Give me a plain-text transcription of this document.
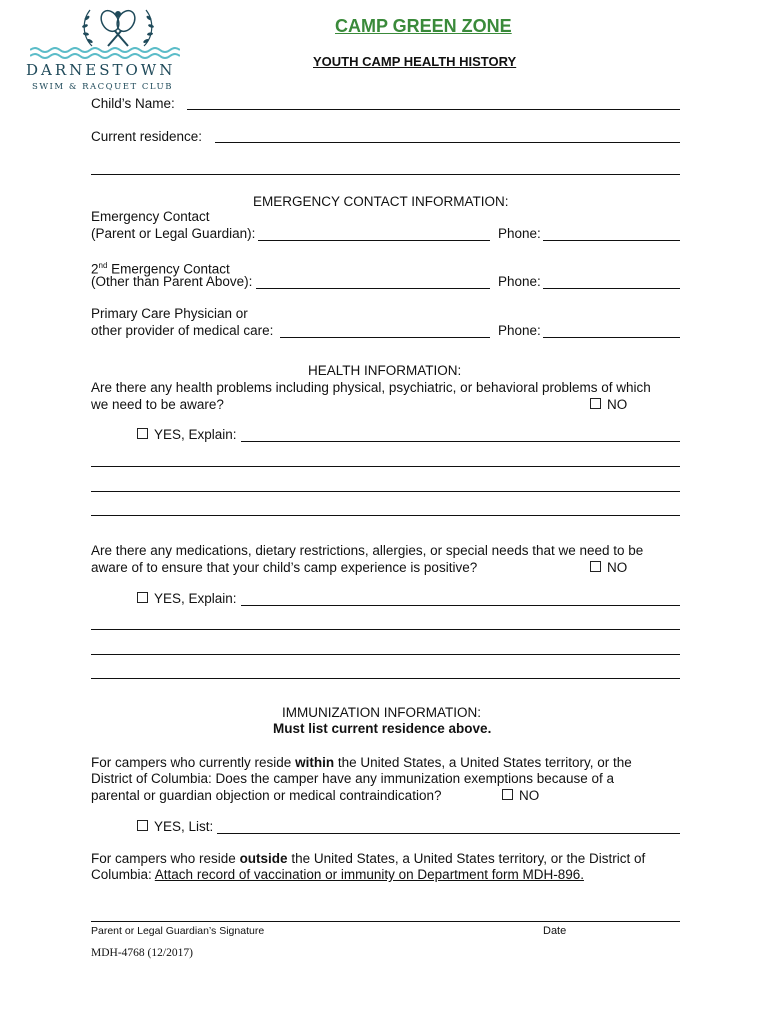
DARNESTOWN
SWIM & RACQUET CLUB
CAMP GREEN ZONE
YOUTH CAMP HEALTH HISTORY
Child’s Name:
Current residence:
EMERGENCY CONTACT INFORMATION:
Emergency Contact
(Parent or Legal Guardian):	Phone:
2nd Emergency Contact
(Other than Parent Above):	Phone:
Primary Care Physician or
other provider of medical care:	Phone:
HEALTH INFORMATION:
Are there any health problems including physical, psychiatric, or behavioral problems of which
we need to be aware?	NO
YES, Explain:
Are there any medications, dietary restrictions, allergies, or special needs that we need to be
aware of to ensure that your child’s camp experience is positive?	NO
YES, Explain:
IMMUNIZATION INFORMATION:
Must list current residence above.
For campers who currently reside within the United States, a United States territory, or the
District of Columbia: Does the camper have any immunization exemptions because of a
parental or guardian objection or medical contraindication?	NO
YES, List:
For campers who reside outside the United States, a United States territory, or the District of
Columbia: Attach record of vaccination or immunity on Department form MDH-896.
Parent or Legal Guardian’s Signature	Date
MDH-4768 (12/2017)
